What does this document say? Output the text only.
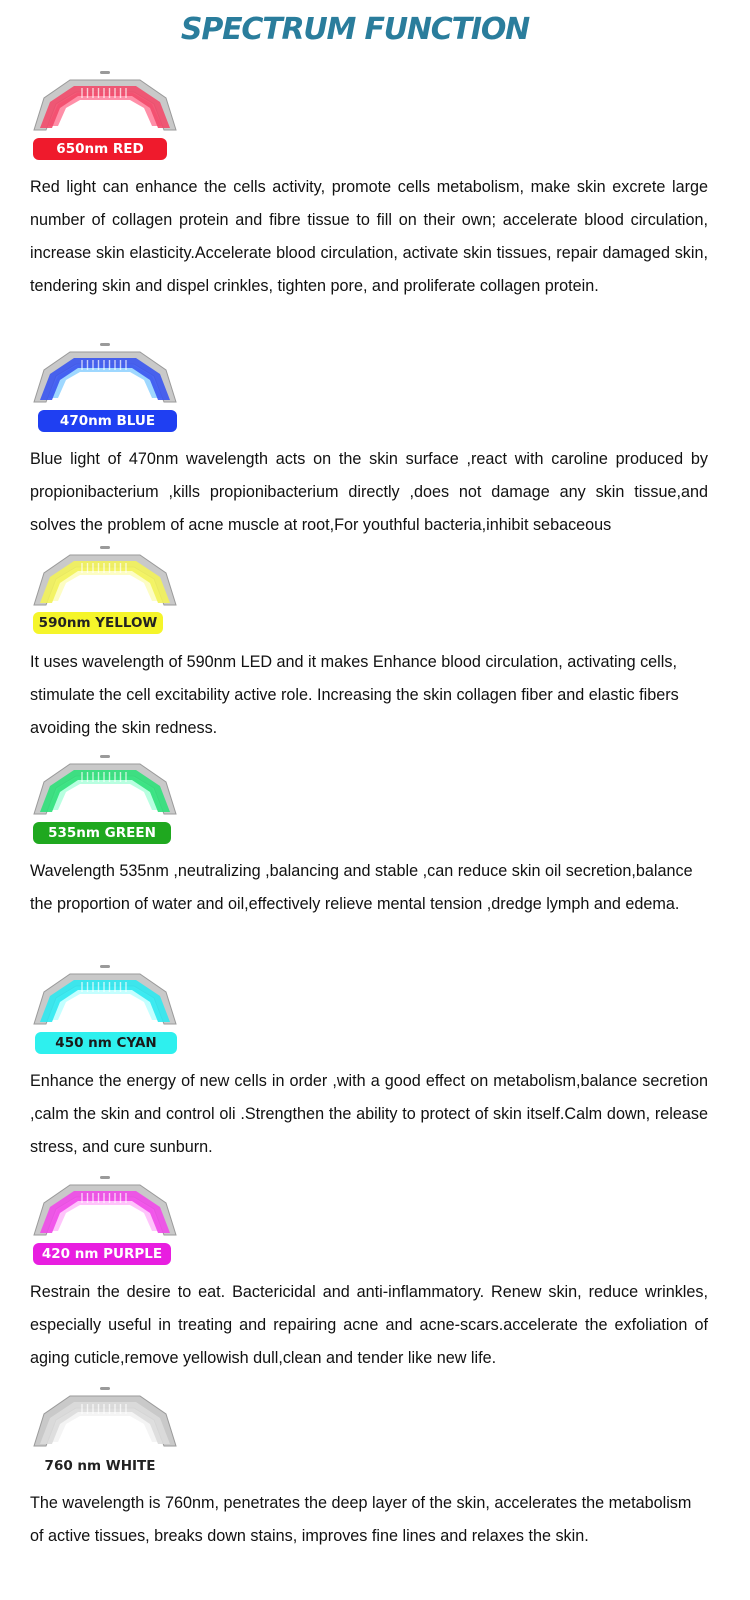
SPECTRUM FUNCTION
650nm RED
Red light can enhance the cells activity, promote cells metabolism, make skin excrete large number of collagen protein and fibre tissue to fill on their own; accelerate blood circulation, increase skin elasticity.Accelerate blood circulation, activate skin tissues, repair damaged skin, tendering skin and dispel crinkles, tighten pore, and proliferate collagen protein.
470nm BLUE
Blue light of 470nm wavelength acts on the skin surface ,react with caroline produced by propionibacterium ,kills propionibacterium directly ,does not damage any skin tissue,and solves the problem of acne muscle at root,For youthful bacteria,inhibit sebaceous
590nm YELLOW
It uses wavelength of 590nm LED and it makes Enhance blood circulation, activating cells, stimulate the cell excitability active role. Increasing the skin collagen fiber and elastic fibers avoiding the skin redness.
535nm GREEN
Wavelength 535nm ,neutralizing ,balancing and stable ,can reduce skin oil secretion,balance the proportion of water and oil,effectively relieve mental tension ,dredge lymph and edema.
450 nm CYAN
Enhance the energy of new cells in order ,with a good effect on metabolism,balance secretion ,calm the skin and control oli .Strengthen the ability to protect of skin itself.Calm down, release stress, and cure sunburn.
420 nm PURPLE
Restrain the desire to eat. Bactericidal and anti-inflammatory. Renew skin, reduce wrinkles, especially useful in treating and repairing acne and acne-scars.accelerate the exfoliation of aging cuticle,remove yellowish dull,clean and tender like new life.
760 nm WHITE
The wavelength is 760nm, penetrates the deep layer of the skin, accelerates the metabolism of active tissues, breaks down stains, improves fine lines and relaxes the skin.
